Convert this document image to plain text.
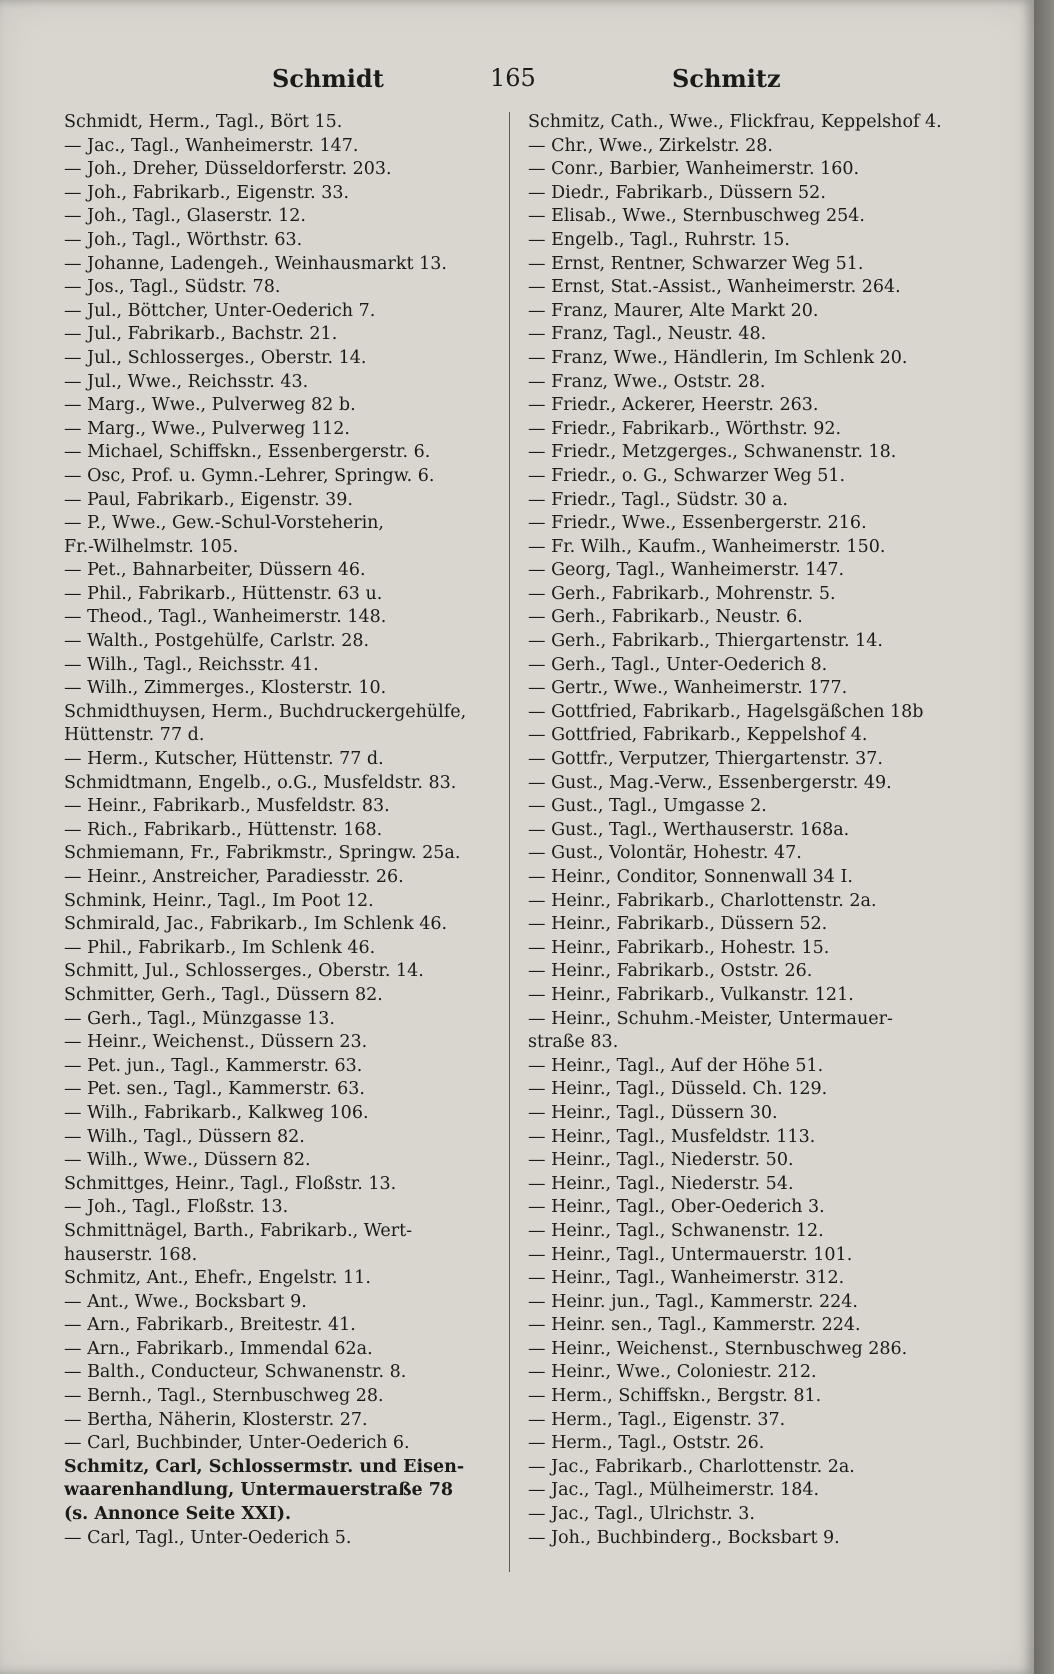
Schmidt	165	Schmitz
Schmidt, Herm., Tagl., Bört 15.
— Jac., Tagl., Wanheimerstr. 147.
— Joh., Dreher, Düsseldorferstr. 203.
— Joh., Fabrikarb., Eigenstr. 33.
— Joh., Tagl., Glaserstr. 12.
— Joh., Tagl., Wörthstr. 63.
— Johanne, Ladengeh., Weinhausmarkt 13.
— Jos., Tagl., Südstr. 78.
— Jul., Böttcher, Unter-Oederich 7.
— Jul., Fabrikarb., Bachstr. 21.
— Jul., Schlosserges., Oberstr. 14.
— Jul., Wwe., Reichsstr. 43.
— Marg., Wwe., Pulverweg 82 b.
— Marg., Wwe., Pulverweg 112.
— Michael, Schiffskn., Essenbergerstr. 6.
— Osc, Prof. u. Gymn.-Lehrer, Springw. 6.
— Paul, Fabrikarb., Eigenstr. 39.
— P., Wwe., Gew.-Schul-Vorsteherin,
Fr.-Wilhelmstr. 105.
— Pet., Bahnarbeiter, Düssern 46.
— Phil., Fabrikarb., Hüttenstr. 63 u.
— Theod., Tagl., Wanheimerstr. 148.
— Walth., Postgehülfe, Carlstr. 28.
— Wilh., Tagl., Reichsstr. 41.
— Wilh., Zimmerges., Klosterstr. 10.
Schmidthuysen, Herm., Buchdruckergehülfe,
Hüttenstr. 77 d.
— Herm., Kutscher, Hüttenstr. 77 d.
Schmidtmann, Engelb., o.G., Musfeldstr. 83.
— Heinr., Fabrikarb., Musfeldstr. 83.
— Rich., Fabrikarb., Hüttenstr. 168.
Schmiemann, Fr., Fabrikmstr., Springw. 25a.
— Heinr., Anstreicher, Paradiesstr. 26.
Schmink, Heinr., Tagl., Im Poot 12.
Schmirald, Jac., Fabrikarb., Im Schlenk 46.
— Phil., Fabrikarb., Im Schlenk 46.
Schmitt, Jul., Schlosserges., Oberstr. 14.
Schmitter, Gerh., Tagl., Düssern 82.
— Gerh., Tagl., Münzgasse 13.
— Heinr., Weichenst., Düssern 23.
— Pet. jun., Tagl., Kammerstr. 63.
— Pet. sen., Tagl., Kammerstr. 63.
— Wilh., Fabrikarb., Kalkweg 106.
— Wilh., Tagl., Düssern 82.
— Wilh., Wwe., Düssern 82.
Schmittges, Heinr., Tagl., Floßstr. 13.
— Joh., Tagl., Floßstr. 13.
Schmittnägel, Barth., Fabrikarb., Wert-
hauserstr. 168.
Schmitz, Ant., Ehefr., Engelstr. 11.
— Ant., Wwe., Bocksbart 9.
— Arn., Fabrikarb., Breitestr. 41.
— Arn., Fabrikarb., Immendal 62a.
— Balth., Conducteur, Schwanenstr. 8.
— Bernh., Tagl., Sternbuschweg 28.
— Bertha, Näherin, Klosterstr. 27.
— Carl, Buchbinder, Unter-Oederich 6.
Schmitz, Carl, Schlossermstr. und Eisen-
waarenhandlung, Untermauerstraße 78
(s. Annonce Seite XXI).
— Carl, Tagl., Unter-Oederich 5.
Schmitz, Cath., Wwe., Flickfrau, Keppelshof 4.
— Chr., Wwe., Zirkelstr. 28.
— Conr., Barbier, Wanheimerstr. 160.
— Diedr., Fabrikarb., Düssern 52.
— Elisab., Wwe., Sternbuschweg 254.
— Engelb., Tagl., Ruhrstr. 15.
— Ernst, Rentner, Schwarzer Weg 51.
— Ernst, Stat.-Assist., Wanheimerstr. 264.
— Franz, Maurer, Alte Markt 20.
— Franz, Tagl., Neustr. 48.
— Franz, Wwe., Händlerin, Im Schlenk 20.
— Franz, Wwe., Oststr. 28.
— Friedr., Ackerer, Heerstr. 263.
— Friedr., Fabrikarb., Wörthstr. 92.
— Friedr., Metzgerges., Schwanenstr. 18.
— Friedr., o. G., Schwarzer Weg 51.
— Friedr., Tagl., Südstr. 30 a.
— Friedr., Wwe., Essenbergerstr. 216.
— Fr. Wilh., Kaufm., Wanheimerstr. 150.
— Georg, Tagl., Wanheimerstr. 147.
— Gerh., Fabrikarb., Mohrenstr. 5.
— Gerh., Fabrikarb., Neustr. 6.
— Gerh., Fabrikarb., Thiergartenstr. 14.
— Gerh., Tagl., Unter-Oederich 8.
— Gertr., Wwe., Wanheimerstr. 177.
— Gottfried, Fabrikarb., Hagelsgäßchen 18b
— Gottfried, Fabrikarb., Keppelshof 4.
— Gottfr., Verputzer, Thiergartenstr. 37.
— Gust., Mag.-Verw., Essenbergerstr. 49.
— Gust., Tagl., Umgasse 2.
— Gust., Tagl., Werthauserstr. 168a.
— Gust., Volontär, Hohestr. 47.
— Heinr., Conditor, Sonnenwall 34 I.
— Heinr., Fabrikarb., Charlottenstr. 2a.
— Heinr., Fabrikarb., Düssern 52.
— Heinr., Fabrikarb., Hohestr. 15.
— Heinr., Fabrikarb., Oststr. 26.
— Heinr., Fabrikarb., Vulkanstr. 121.
— Heinr., Schuhm.-Meister, Untermauer-
straße 83.
— Heinr., Tagl., Auf der Höhe 51.
— Heinr., Tagl., Düsseld. Ch. 129.
— Heinr., Tagl., Düssern 30.
— Heinr., Tagl., Musfeldstr. 113.
— Heinr., Tagl., Niederstr. 50.
— Heinr., Tagl., Niederstr. 54.
— Heinr., Tagl., Ober-Oederich 3.
— Heinr., Tagl., Schwanenstr. 12.
— Heinr., Tagl., Untermauerstr. 101.
— Heinr., Tagl., Wanheimerstr. 312.
— Heinr. jun., Tagl., Kammerstr. 224.
— Heinr. sen., Tagl., Kammerstr. 224.
— Heinr., Weichenst., Sternbuschweg 286.
— Heinr., Wwe., Coloniestr. 212.
— Herm., Schiffskn., Bergstr. 81.
— Herm., Tagl., Eigenstr. 37.
— Herm., Tagl., Oststr. 26.
— Jac., Fabrikarb., Charlottenstr. 2a.
— Jac., Tagl., Mülheimerstr. 184.
— Jac., Tagl., Ulrichstr. 3.
— Joh., Buchbinderg., Bocksbart 9.
